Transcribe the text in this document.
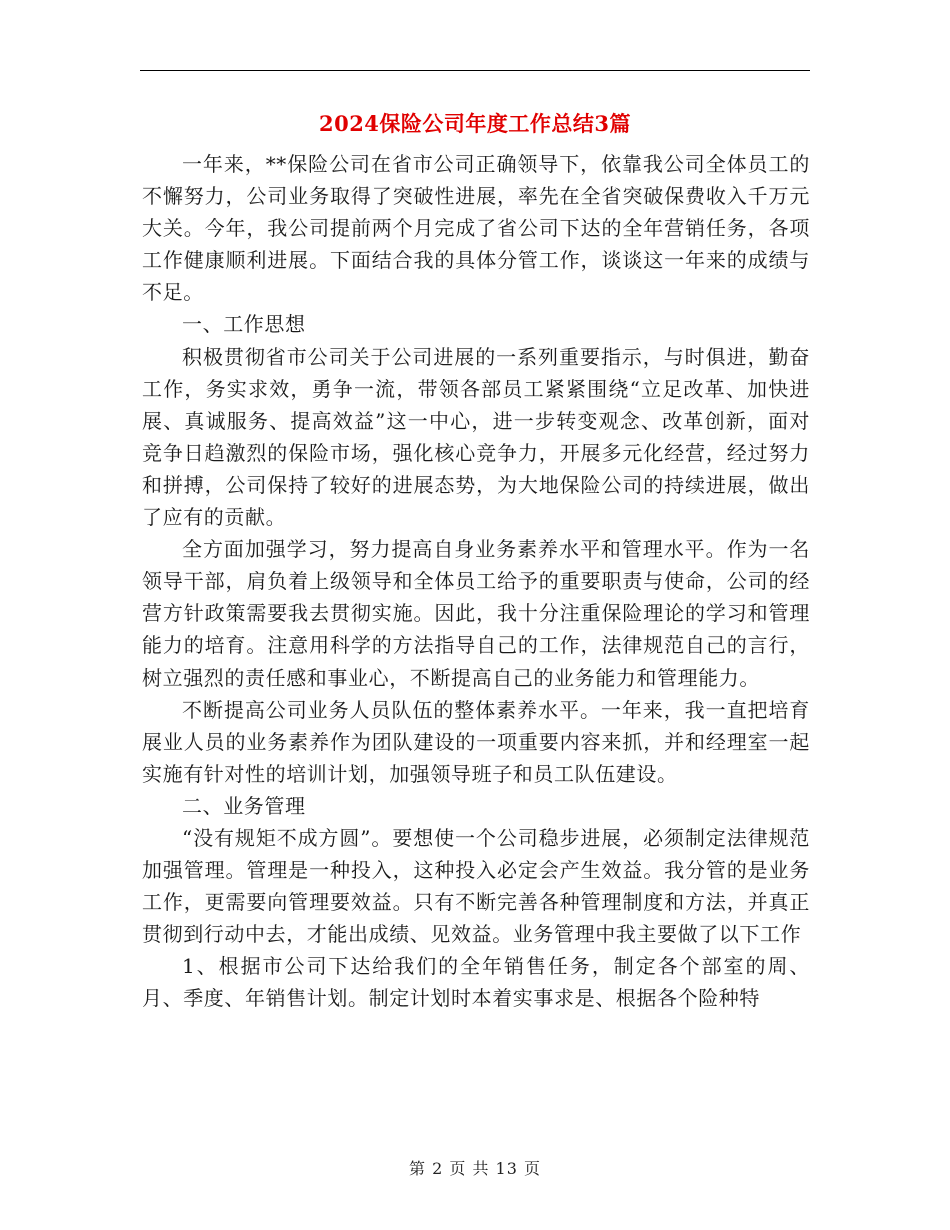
2024保险公司年度工作总结3篇

一年来，**保险公司在省市公司正确领导下，依靠我公司全体员工的不懈努力，公司业务取得了突破性进展，率先在全省突破保费收入千万元大关。今年，我公司提前两个月完成了省公司下达的全年营销任务，各项工作健康顺利进展。下面结合我的具体分管工作，谈谈这一年来的成绩与不足。

一、工作思想

积极贯彻省市公司关于公司进展的一系列重要指示，与时俱进，勤奋工作，务实求效，勇争一流，带领各部员工紧紧围绕“立足改革、加快进展、真诚服务、提高效益”这一中心，进一步转变观念、改革创新，面对竞争日趋激烈的保险市场，强化核心竞争力，开展多元化经营，经过努力和拼搏，公司保持了较好的进展态势，为大地保险公司的持续进展，做出了应有的贡献。

全方面加强学习，努力提高自身业务素养水平和管理水平。作为一名领导干部，肩负着上级领导和全体员工给予的重要职责与使命，公司的经营方针政策需要我去贯彻实施。因此，我十分注重保险理论的学习和管理能力的培育。注意用科学的方法指导自己的工作，法律规范自己的言行，树立强烈的责任感和事业心，不断提高自己的业务能力和管理能力。

不断提高公司业务人员队伍的整体素养水平。一年来，我一直把培育展业人员的业务素养作为团队建设的一项重要内容来抓，并和经理室一起实施有针对性的培训计划，加强领导班子和员工队伍建设。

二、业务管理

“没有规矩不成方圆”。要想使一个公司稳步进展，必须制定法律规范加强管理。管理是一种投入，这种投入必定会产生效益。我分管的是业务工作，更需要向管理要效益。只有不断完善各种管理制度和方法，并真正贯彻到行动中去，才能出成绩、见效益。业务管理中我主要做了以下工作

1、根据市公司下达给我们的全年销售任务，制定各个部室的周、月、季度、年销售计划。制定计划时本着实事求是、根据各个险种特

第 2 页 共 13 页
